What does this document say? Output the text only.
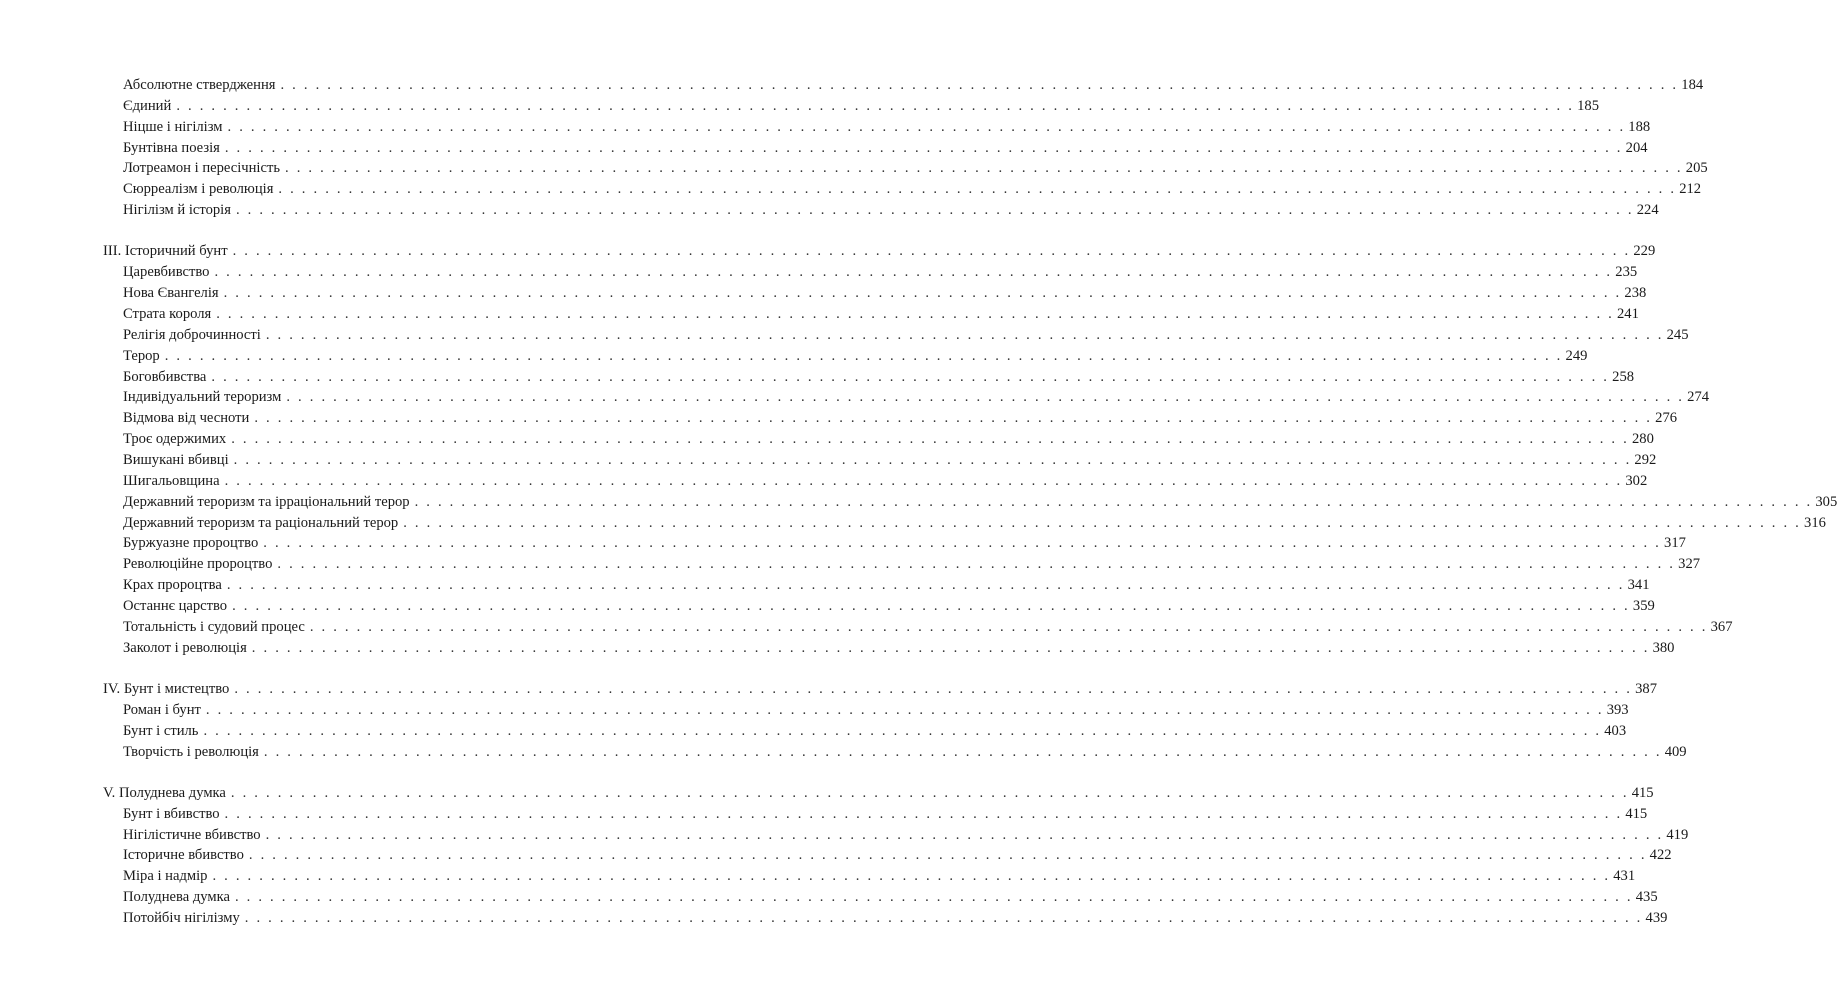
Абсолютне ствердження . . . . . . . . . . . . . . . . . . . . . . . . . . . . . . . . . . . . . . . . . . . . . . . . . . . . . . . . . . . . . . . . . . . . . . . . . . . . . . . . . . . . . . . . . . . . . . . . . . . . . . . . . . . . . . . . . . . . . . . . 184
Єдиний . . . . . . . . . . . . . . . . . . . . . . . . . . . . . . . . . . . . . . . . . . . . . . . . . . . . . . . . . . . . . . . . . . . . . . . . . . . . . . . . . . . . . . . . . . . . . . . . . . . . . . . . . . . . . . . . . . . . . . . . 185
Ніцше і нігілізм . . . . . . . . . . . . . . . . . . . . . . . . . . . . . . . . . . . . . . . . . . . . . . . . . . . . . . . . . . . . . . . . . . . . . . . . . . . . . . . . . . . . . . . . . . . . . . . . . . . . . . . . . . . . . . . . . . . . . . . . 188
Бунтівна поезія . . . . . . . . . . . . . . . . . . . . . . . . . . . . . . . . . . . . . . . . . . . . . . . . . . . . . . . . . . . . . . . . . . . . . . . . . . . . . . . . . . . . . . . . . . . . . . . . . . . . . . . . . . . . . . . . . . . . . . . . 204
Лотреамон і пересічність . . . . . . . . . . . . . . . . . . . . . . . . . . . . . . . . . . . . . . . . . . . . . . . . . . . . . . . . . . . . . . . . . . . . . . . . . . . . . . . . . . . . . . . . . . . . . . . . . . . . . . . . . . . . . . . . . . . . . . . . 205
Сюрреалізм і революція . . . . . . . . . . . . . . . . . . . . . . . . . . . . . . . . . . . . . . . . . . . . . . . . . . . . . . . . . . . . . . . . . . . . . . . . . . . . . . . . . . . . . . . . . . . . . . . . . . . . . . . . . . . . . . . . . . . . . . . . 212
Нігілізм й історія . . . . . . . . . . . . . . . . . . . . . . . . . . . . . . . . . . . . . . . . . . . . . . . . . . . . . . . . . . . . . . . . . . . . . . . . . . . . . . . . . . . . . . . . . . . . . . . . . . . . . . . . . . . . . . . . . . . . . . . . 224
III. Історичний бунт . . . . . . . . . . . . . . . . . . . . . . . . . . . . . . . . . . . . . . . . . . . . . . . . . . . . . . . . . . . . . . . . . . . . . . . . . . . . . . . . . . . . . . . . . . . . . . . . . . . . . . . . . . . . . . . . . . . . . . . . 229
Царевбивство . . . . . . . . . . . . . . . . . . . . . . . . . . . . . . . . . . . . . . . . . . . . . . . . . . . . . . . . . . . . . . . . . . . . . . . . . . . . . . . . . . . . . . . . . . . . . . . . . . . . . . . . . . . . . . . . . . . . . . . . 235
Нова Євангелія . . . . . . . . . . . . . . . . . . . . . . . . . . . . . . . . . . . . . . . . . . . . . . . . . . . . . . . . . . . . . . . . . . . . . . . . . . . . . . . . . . . . . . . . . . . . . . . . . . . . . . . . . . . . . . . . . . . . . . . . 238
Страта короля . . . . . . . . . . . . . . . . . . . . . . . . . . . . . . . . . . . . . . . . . . . . . . . . . . . . . . . . . . . . . . . . . . . . . . . . . . . . . . . . . . . . . . . . . . . . . . . . . . . . . . . . . . . . . . . . . . . . . . . . 241
Релігія доброчинності . . . . . . . . . . . . . . . . . . . . . . . . . . . . . . . . . . . . . . . . . . . . . . . . . . . . . . . . . . . . . . . . . . . . . . . . . . . . . . . . . . . . . . . . . . . . . . . . . . . . . . . . . . . . . . . . . . . . . . . . 245
Терор . . . . . . . . . . . . . . . . . . . . . . . . . . . . . . . . . . . . . . . . . . . . . . . . . . . . . . . . . . . . . . . . . . . . . . . . . . . . . . . . . . . . . . . . . . . . . . . . . . . . . . . . . . . . . . . . . . . . . . . . 249
Боговбивства . . . . . . . . . . . . . . . . . . . . . . . . . . . . . . . . . . . . . . . . . . . . . . . . . . . . . . . . . . . . . . . . . . . . . . . . . . . . . . . . . . . . . . . . . . . . . . . . . . . . . . . . . . . . . . . . . . . . . . . . 258
Індивідуальний тероризм . . . . . . . . . . . . . . . . . . . . . . . . . . . . . . . . . . . . . . . . . . . . . . . . . . . . . . . . . . . . . . . . . . . . . . . . . . . . . . . . . . . . . . . . . . . . . . . . . . . . . . . . . . . . . . . . . . . . . . . . 274
Відмова від чесноти . . . . . . . . . . . . . . . . . . . . . . . . . . . . . . . . . . . . . . . . . . . . . . . . . . . . . . . . . . . . . . . . . . . . . . . . . . . . . . . . . . . . . . . . . . . . . . . . . . . . . . . . . . . . . . . . . . . . . . . . 276
Троє одержимих . . . . . . . . . . . . . . . . . . . . . . . . . . . . . . . . . . . . . . . . . . . . . . . . . . . . . . . . . . . . . . . . . . . . . . . . . . . . . . . . . . . . . . . . . . . . . . . . . . . . . . . . . . . . . . . . . . . . . . . . 280
Вишукані вбивці . . . . . . . . . . . . . . . . . . . . . . . . . . . . . . . . . . . . . . . . . . . . . . . . . . . . . . . . . . . . . . . . . . . . . . . . . . . . . . . . . . . . . . . . . . . . . . . . . . . . . . . . . . . . . . . . . . . . . . . . 292
Шигальовщина . . . . . . . . . . . . . . . . . . . . . . . . . . . . . . . . . . . . . . . . . . . . . . . . . . . . . . . . . . . . . . . . . . . . . . . . . . . . . . . . . . . . . . . . . . . . . . . . . . . . . . . . . . . . . . . . . . . . . . . . 302
Державний тероризм та ірраціональний терор . . . . . . . . . . . . . . . . . . . . . . . . . . . . . . . . . . . . . . . . . . . . . . . . . . . . . . . . . . . . . . . . . . . . . . . . . . . . . . . . . . . . . . . . . . . . . . . . . . . . . . . . . . . . . . . . . . . . . . . . 305
Державний тероризм та раціональний терор . . . . . . . . . . . . . . . . . . . . . . . . . . . . . . . . . . . . . . . . . . . . . . . . . . . . . . . . . . . . . . . . . . . . . . . . . . . . . . . . . . . . . . . . . . . . . . . . . . . . . . . . . . . . . . . . . . . . . . . . 316
Буржуазне пророцтво . . . . . . . . . . . . . . . . . . . . . . . . . . . . . . . . . . . . . . . . . . . . . . . . . . . . . . . . . . . . . . . . . . . . . . . . . . . . . . . . . . . . . . . . . . . . . . . . . . . . . . . . . . . . . . . . . . . . . . . . 317
Революційне пророцтво . . . . . . . . . . . . . . . . . . . . . . . . . . . . . . . . . . . . . . . . . . . . . . . . . . . . . . . . . . . . . . . . . . . . . . . . . . . . . . . . . . . . . . . . . . . . . . . . . . . . . . . . . . . . . . . . . . . . . . . . 327
Крах пророцтва . . . . . . . . . . . . . . . . . . . . . . . . . . . . . . . . . . . . . . . . . . . . . . . . . . . . . . . . . . . . . . . . . . . . . . . . . . . . . . . . . . . . . . . . . . . . . . . . . . . . . . . . . . . . . . . . . . . . . . . . 341
Останнє царство . . . . . . . . . . . . . . . . . . . . . . . . . . . . . . . . . . . . . . . . . . . . . . . . . . . . . . . . . . . . . . . . . . . . . . . . . . . . . . . . . . . . . . . . . . . . . . . . . . . . . . . . . . . . . . . . . . . . . . . . 359
Тотальність і судовий процес . . . . . . . . . . . . . . . . . . . . . . . . . . . . . . . . . . . . . . . . . . . . . . . . . . . . . . . . . . . . . . . . . . . . . . . . . . . . . . . . . . . . . . . . . . . . . . . . . . . . . . . . . . . . . . . . . . . . . . . . 367
Заколот і революція . . . . . . . . . . . . . . . . . . . . . . . . . . . . . . . . . . . . . . . . . . . . . . . . . . . . . . . . . . . . . . . . . . . . . . . . . . . . . . . . . . . . . . . . . . . . . . . . . . . . . . . . . . . . . . . . . . . . . . . . 380
IV. Бунт і мистецтво . . . . . . . . . . . . . . . . . . . . . . . . . . . . . . . . . . . . . . . . . . . . . . . . . . . . . . . . . . . . . . . . . . . . . . . . . . . . . . . . . . . . . . . . . . . . . . . . . . . . . . . . . . . . . . . . . . . . . . . . 387
Роман і бунт . . . . . . . . . . . . . . . . . . . . . . . . . . . . . . . . . . . . . . . . . . . . . . . . . . . . . . . . . . . . . . . . . . . . . . . . . . . . . . . . . . . . . . . . . . . . . . . . . . . . . . . . . . . . . . . . . . . . . . . . 393
Бунт і стиль . . . . . . . . . . . . . . . . . . . . . . . . . . . . . . . . . . . . . . . . . . . . . . . . . . . . . . . . . . . . . . . . . . . . . . . . . . . . . . . . . . . . . . . . . . . . . . . . . . . . . . . . . . . . . . . . . . . . . . . . 403
Творчість і революція . . . . . . . . . . . . . . . . . . . . . . . . . . . . . . . . . . . . . . . . . . . . . . . . . . . . . . . . . . . . . . . . . . . . . . . . . . . . . . . . . . . . . . . . . . . . . . . . . . . . . . . . . . . . . . . . . . . . . . . . 409
V. Полуднева думка . . . . . . . . . . . . . . . . . . . . . . . . . . . . . . . . . . . . . . . . . . . . . . . . . . . . . . . . . . . . . . . . . . . . . . . . . . . . . . . . . . . . . . . . . . . . . . . . . . . . . . . . . . . . . . . . . . . . . . . . 415
Бунт і вбивство . . . . . . . . . . . . . . . . . . . . . . . . . . . . . . . . . . . . . . . . . . . . . . . . . . . . . . . . . . . . . . . . . . . . . . . . . . . . . . . . . . . . . . . . . . . . . . . . . . . . . . . . . . . . . . . . . . . . . . . . 415
Нігілістичне вбивство . . . . . . . . . . . . . . . . . . . . . . . . . . . . . . . . . . . . . . . . . . . . . . . . . . . . . . . . . . . . . . . . . . . . . . . . . . . . . . . . . . . . . . . . . . . . . . . . . . . . . . . . . . . . . . . . . . . . . . . . 419
Історичне вбивство . . . . . . . . . . . . . . . . . . . . . . . . . . . . . . . . . . . . . . . . . . . . . . . . . . . . . . . . . . . . . . . . . . . . . . . . . . . . . . . . . . . . . . . . . . . . . . . . . . . . . . . . . . . . . . . . . . . . . . . . 422
Міра і надмір . . . . . . . . . . . . . . . . . . . . . . . . . . . . . . . . . . . . . . . . . . . . . . . . . . . . . . . . . . . . . . . . . . . . . . . . . . . . . . . . . . . . . . . . . . . . . . . . . . . . . . . . . . . . . . . . . . . . . . . . 431
Полуднева думка . . . . . . . . . . . . . . . . . . . . . . . . . . . . . . . . . . . . . . . . . . . . . . . . . . . . . . . . . . . . . . . . . . . . . . . . . . . . . . . . . . . . . . . . . . . . . . . . . . . . . . . . . . . . . . . . . . . . . . . . 435
Потойбіч нігілізму . . . . . . . . . . . . . . . . . . . . . . . . . . . . . . . . . . . . . . . . . . . . . . . . . . . . . . . . . . . . . . . . . . . . . . . . . . . . . . . . . . . . . . . . . . . . . . . . . . . . . . . . . . . . . . . . . . . . . . . . 439
